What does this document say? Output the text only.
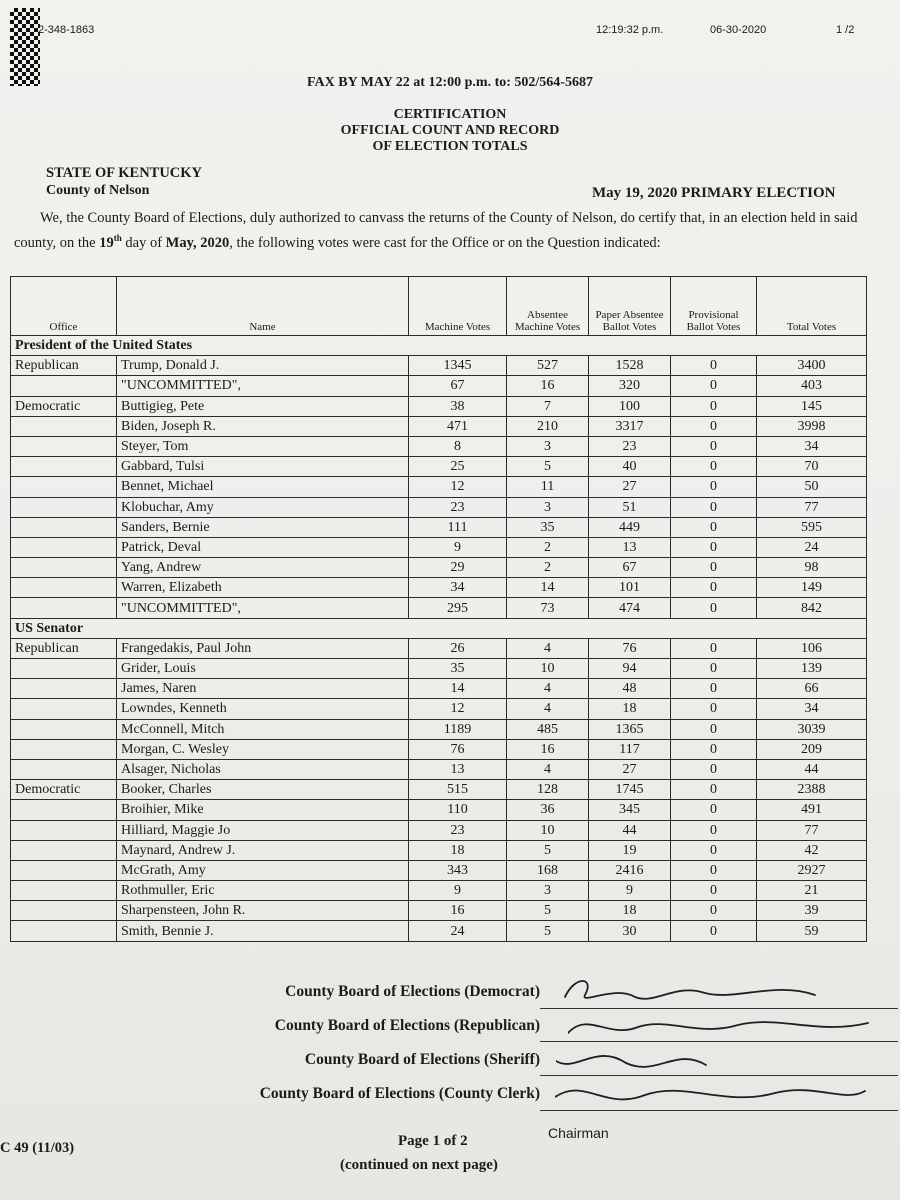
2-348-1863	12:19:32 p.m.	06-30-2020	1 /2
FAX BY MAY 22 at 12:00 p.m. to: 502/564-5687
CERTIFICATION
OFFICIAL COUNT AND RECORD
OF ELECTION TOTALS
STATE OF KENTUCKY
County of Nelson	May 19, 2020 PRIMARY ELECTION
We, the County Board of Elections, duly authorized to canvass the returns of the County of Nelson, do certify that, in an election held in said county, on the 19th day of May, 2020, the following votes were cast for the Office or on the Question indicated:
Office	Name	Machine Votes	Absentee Machine Votes	Paper Absentee Ballot Votes	Provisional Ballot Votes	Total Votes
President of the United States						
Republican	Trump, Donald J.	1345	527	1528	0	3400
	"UNCOMMITTED",	67	16	320	0	403
Democratic	Buttigieg, Pete	38	7	100	0	145
	Biden, Joseph R.	471	210	3317	0	3998
	Steyer, Tom	8	3	23	0	34
	Gabbard, Tulsi	25	5	40	0	70
	Bennet, Michael	12	11	27	0	50
	Klobuchar, Amy	23	3	51	0	77
	Sanders, Bernie	111	35	449	0	595
	Patrick, Deval	9	2	13	0	24
	Yang, Andrew	29	2	67	0	98
	Warren, Elizabeth	34	14	101	0	149
	"UNCOMMITTED",	295	73	474	0	842
US Senator						
Republican	Frangedakis, Paul John	26	4	76	0	106
	Grider, Louis	35	10	94	0	139
	James, Naren	14	4	48	0	66
	Lowndes, Kenneth	12	4	18	0	34
	McConnell, Mitch	1189	485	1365	0	3039
	Morgan, C. Wesley	76	16	117	0	209
	Alsager, Nicholas	13	4	27	0	44
Democratic	Booker, Charles	515	128	1745	0	2388
	Broihier, Mike	110	36	345	0	491
	Hilliard, Maggie Jo	23	10	44	0	77
	Maynard, Andrew J.	18	5	19	0	42
	McGrath, Amy	343	168	2416	0	2927
	Rothmuller, Eric	9	3	9	0	21
	Sharpensteen, John R.	16	5	18	0	39
	Smith, Bennie J.	24	5	30	0	59
County Board of Elections (Democrat)
County Board of Elections (Republican)
County Board of Elections (Sheriff)
County Board of Elections (County Clerk)
Chairman
C 49 (11/03)	Page 1 of 2
(continued on next page)
